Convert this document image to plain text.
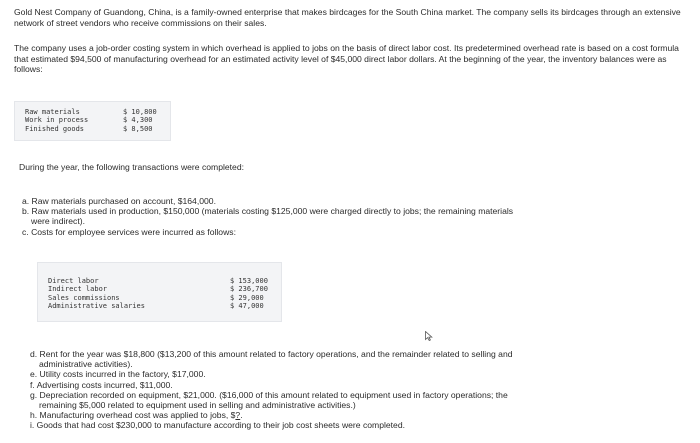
Gold Nest Company of Guandong, China, is a family-owned enterprise that makes birdcages for the South China market. The company sells its birdcages through an extensive network of street vendors who receive commissions on their sales.

The company uses a job-order costing system in which overhead is applied to jobs on the basis of direct labor cost. Its predetermined overhead rate is based on a cost formula that estimated $94,500 of manufacturing overhead for an estimated activity level of $45,000 direct labor dollars. At the beginning of the year, the inventory balances were as follows:

Raw materials	$ 10,800
Work in process	$ 4,300
Finished goods	$ 8,500

During the year, the following transactions were completed:

a. Raw materials purchased on account, $164,000.
b. Raw materials used in production, $150,000 (materials costing $125,000 were charged directly to jobs; the remaining materials
were indirect).
c. Costs for employee services were incurred as follows:
Direct labor	$ 153,000
Indirect labor	$ 236,700
Sales commissions	$ 29,000
Administrative salaries	$ 47,000
d. Rent for the year was $18,800 ($13,200 of this amount related to factory operations, and the remainder related to selling and
administrative activities).
e. Utility costs incurred in the factory, $17,000.
f. Advertising costs incurred, $11,000.
g. Depreciation recorded on equipment, $21,000. ($16,000 of this amount related to equipment used in factory operations; the
remaining $5,000 related to equipment used in selling and administrative activities.)
h. Manufacturing overhead cost was applied to jobs, $?.
i. Goods that had cost $230,000 to manufacture according to their job cost sheets were completed.
